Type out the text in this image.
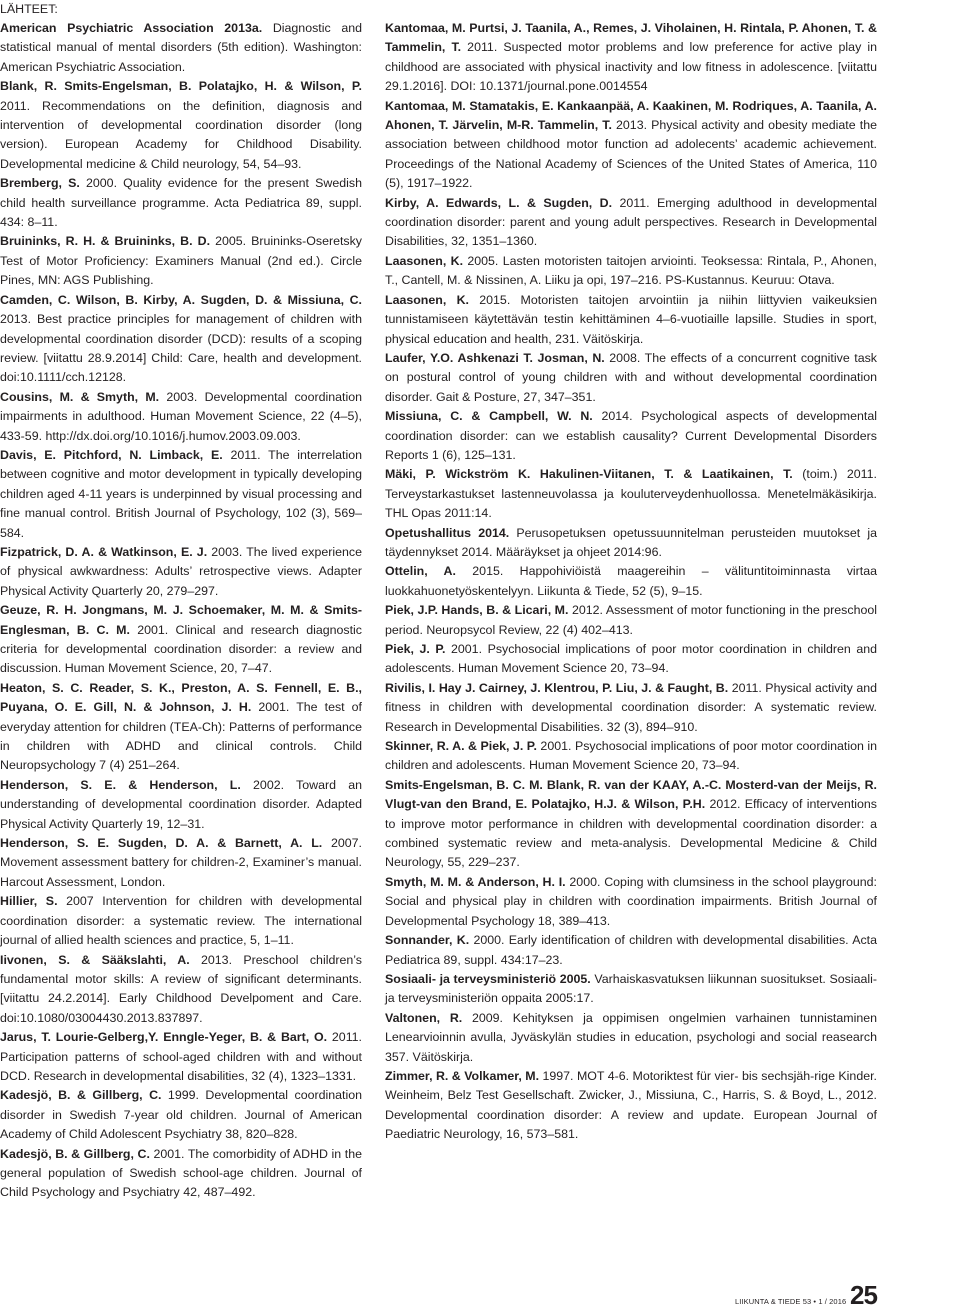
LÄHTEET:

American Psychiatric Association 2013a. Diagnostic and statistical manual of mental disorders (5th edition). Washington: American Psychiatric Association.

Blank, R. Smits-Engelsman, B. Polatajko, H. & Wilson, P. 2011. Recommendations on the definition, diagnosis and intervention of developmental coordination disorder (long version). European Academy for Childhood Disability. Developmental medicine & Child neurology, 54, 54–93.

Bremberg, S. 2000. Quality evidence for the present Swedish child health surveillance programme. Acta Pediatrica 89, suppl. 434: 8–11.

Bruininks, R. H. & Bruininks, B. D. 2005. Bruininks-Oseretsky Test of Motor Proficiency: Examiners Manual (2nd ed.). Circle Pines, MN: AGS Publishing.

Camden, C. Wilson, B. Kirby, A. Sugden, D. & Missiuna, C. 2013. Best practice principles for management of children with developmental coordination disorder (DCD): results of a scoping review. [viitattu 28.9.2014] Child: Care, health and development. doi:10.1111/cch.12128.

Cousins, M. & Smyth, M. 2003. Developmental coordination impairments in adulthood. Human Movement Science, 22 (4–5), 433-59. http://dx.doi.org/10.1016/j.humov.2003.09.003.

Davis, E. Pitchford, N. Limback, E. 2011. The interrelation between cognitive and motor development in typically developing children aged 4-11 years is underpinned by visual processing and fine manual control. British Journal of Psychology, 102 (3), 569–584.

Fizpatrick, D. A. & Watkinson, E. J. 2003. The lived experience of physical awkwardness: Adults’ retrospective views. Adapter Physical Activity Quarterly 20, 279–297.

Geuze, R. H. Jongmans, M. J. Schoemaker, M. M. & Smits-Englesman, B. C. M. 2001. Clinical and research diagnostic criteria for developmental coordination disorder: a review and discussion. Human Movement Science, 20, 7–47.

Heaton, S. C. Reader, S. K., Preston, A. S. Fennell, E. B., Puyana, O. E. Gill, N. & Johnson, J. H. 2001. The test of everyday attention for children (TEA-Ch): Patterns of performance in children with ADHD and clinical controls. Child Neuropsychology 7 (4) 251–264.

Henderson, S. E. & Henderson, L. 2002. Toward an understanding of developmental coordination disorder. Adapted Physical Activity Quarterly 19, 12–31.

Henderson, S. E. Sugden, D. A. & Barnett, A. L. 2007. Movement assessment battery for children-2, Examiner’s manual. Harcout Assessment, London.

Hillier, S. 2007 Intervention for children with developmental coordination disorder: a systematic review. The international journal of allied health sciences and practice, 5, 1–11.

Iivonen, S. & Sääkslahti, A. 2013. Preschool children’s fundamental motor skills: A review of significant determinants. [viitattu 24.2.2014]. Early Childhood Develpoment and Care. doi:10.1080/03004430.2013.837897.

Jarus, T. Lourie-Gelberg,Y. Enngle-Yeger, B. & Bart, O. 2011. Participation patterns of school-aged children with and without DCD. Research in developmental disabilities, 32 (4), 1323–1331.

Kadesjö, B. & Gillberg, C. 1999. Developmental coordination disorder in Swedish 7-year old children. Journal of American Academy of Child Adolescent Psychiatry 38, 820–828.

Kadesjö, B. & Gillberg, C. 2001. The comorbidity of ADHD in the general population of Swedish school-age children. Journal of Child Psychology and Psychiatry 42, 487–492.

Kantomaa, M. Purtsi, J. Taanila, A., Remes, J. Viholainen, H. Rintala, P. Ahonen, T. & Tammelin, T. 2011. Suspected motor problems and low preference for active play in childhood are associated with physical inactivity and low fitness in adolescence. [viitattu 29.1.2016]. DOI: 10.1371/journal.pone.0014554

Kantomaa, M. Stamatakis, E. Kankaanpää, A. Kaakinen, M. Rodriques, A. Taanila, A. Ahonen, T. Järvelin, M-R. Tammelin, T. 2013. Physical activity and obesity mediate the association between childhood motor function ad adolecents’ academic achievement. Proceedings of the National Academy of Sciences of the United States of America, 110 (5), 1917–1922.

Kirby, A. Edwards, L. & Sugden, D. 2011. Emerging adulthood in developmental coordination disorder: parent and young adult perspectives. Research in Developmental Disabilities, 32, 1351–1360.

Laasonen, K. 2005. Lasten motoristen taitojen arviointi. Teoksessa: Rintala, P., Ahonen, T., Cantell, M. & Nissinen, A. Liiku ja opi, 197–216. PS-Kustannus. Keuruu: Otava.

Laasonen, K. 2015. Motoristen taitojen arvointiin ja niihin liittyvien vaikeuksien tunnistamiseen käytettävän testin kehittäminen 4–6-vuotiaille lapsille. Studies in sport, physical education and health, 231. Väitöskirja.

Laufer, Y.O. Ashkenazi T. Josman, N. 2008. The effects of a concurrent cognitive task on postural control of young children with and without developmental coordination disorder. Gait & Posture, 27, 347–351.

Missiuna, C. & Campbell, W. N. 2014. Psychological aspects of developmental coordination disorder: can we establish causality? Current Developmental Disorders Reports 1 (6), 125–131.

Mäki, P. Wickström K. Hakulinen-Viitanen, T. & Laatikainen, T. (toim.) 2011. Terveystarkastukset lastenneuvolassa ja kouluterveydenhuollossa. Menetelmäkäsikirja. THL Opas 2011:14.

Opetushallitus 2014. Perusopetuksen opetussuunnitelman perusteiden muutokset ja täydennykset 2014. Määräykset ja ohjeet 2014:96.

Ottelin, A. 2015. Happohiviöistä maagereihin – välituntitoiminnasta virtaa luokkahuonetyöskentelyyn. Liikunta & Tiede, 52 (5), 9–15.

Piek, J.P. Hands, B. & Licari, M. 2012. Assessment of motor functioning in the preschool period. Neuropsycol Review, 22 (4) 402–413.

Piek, J. P. 2001. Psychosocial implications of poor motor coordination in children and adolescents. Human Movement Science 20, 73–94.

Rivilis, I. Hay J. Cairney, J. Klentrou, P. Liu, J. & Faught, B. 2011. Physical activity and fitness in children with developmental coordination disorder: A systematic review. Research in Developmental Disabilities. 32 (3), 894–910.

Skinner, R. A. & Piek, J. P. 2001. Psychosocial implications of poor motor coordination in children and adolescents. Human Movement Science 20, 73–94.

Smits-Engelsman, B. C. M. Blank, R. van der KAAY, A.-C. Mosterd-van der Meijs, R. Vlugt-van den Brand, E. Polatajko, H.J. & Wilson, P.H. 2012. Efficacy of interventions to improve motor performance in children with developmental coordination disorder: a combined systematic review and meta-analysis. Developmental Medicine & Child Neurology, 55, 229–237.

Smyth, M. M. & Anderson, H. I. 2000. Coping with clumsiness in the school playground: Social and physical play in children with coordination impairments. British Journal of Developmental Psychology 18, 389–413.

Sonnander, K. 2000. Early identification of children with developmental disabilities. Acta Pediatrica 89, suppl. 434:17–23.

Sosiaali- ja terveysministeriö 2005. Varhaiskasvatuksen liikunnan suositukset. Sosiaali- ja terveysministeriön oppaita 2005:17.

Valtonen, R. 2009. Kehityksen ja oppimisen ongelmien varhainen tunnistaminen Lenearvioinnin avulla, Jyväskylän studies in education, psychologi and social reasearch 357. Väitöskirja.

Zimmer, R. & Volkamer, M. 1997. MOT 4-6. Motoriktest für vier- bis sechsjäh-rige Kinder. Weinheim, Belz Test Gesellschaft. Zwicker, J., Missiuna, C., Harris, S. & Boyd, L., 2012. Developmental coordination disorder: A review and update. European Journal of Paediatric Neurology, 16, 573–581.

LIIKUNTA & TIEDE 53 • 1 / 2016 25
